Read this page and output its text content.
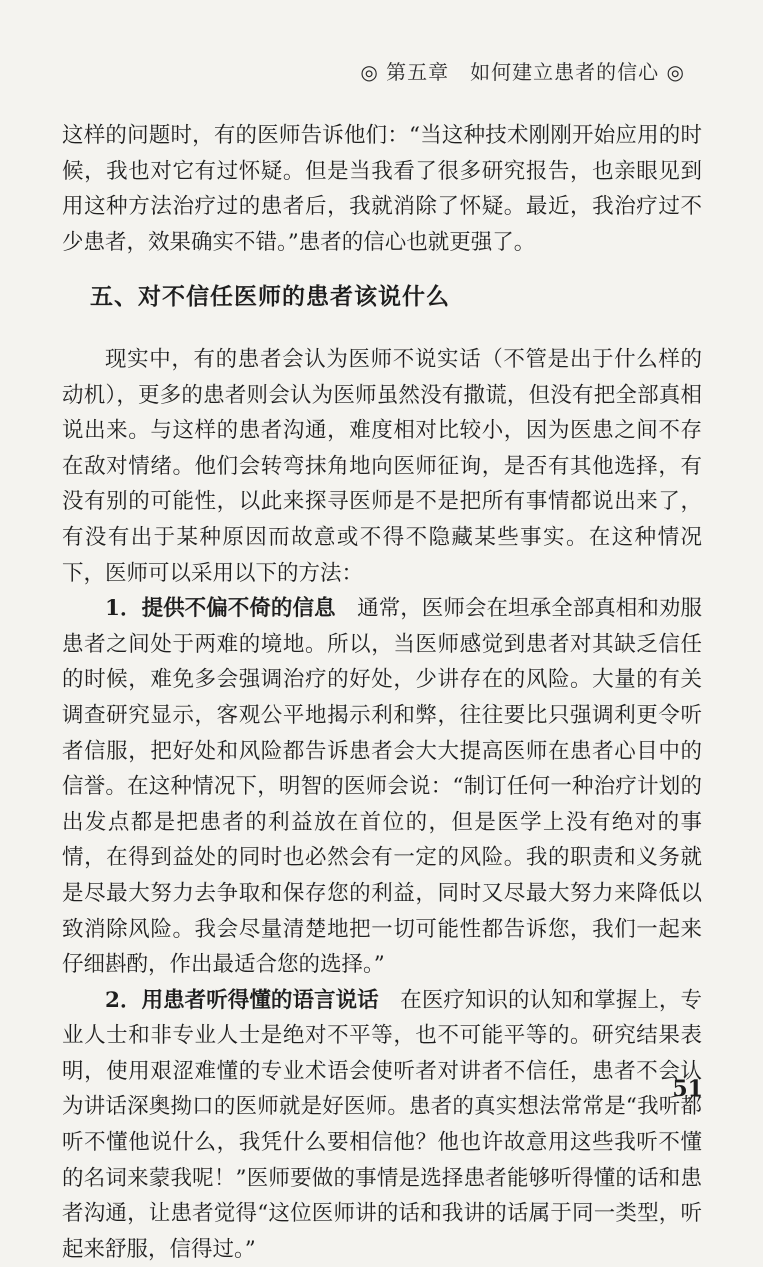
◎ 第五章　如何建立患者的信心 ◎

这样的问题时，有的医师告诉他们：“当这种技术刚刚开始应用的时候，我也对它有过怀疑。但是当我看了很多研究报告，也亲眼见到用这种方法治疗过的患者后，我就消除了怀疑。最近，我治疗过不少患者，效果确实不错。”患者的信心也就更强了。

五、对不信任医师的患者该说什么

现实中，有的患者会认为医师不说实话（不管是出于什么样的动机），更多的患者则会认为医师虽然没有撒谎，但没有把全部真相说出来。与这样的患者沟通，难度相对比较小，因为医患之间不存在敌对情绪。他们会转弯抹角地向医师征询，是否有其他选择，有没有别的可能性，以此来探寻医师是不是把所有事情都说出来了，有没有出于某种原因而故意或不得不隐藏某些事实。在这种情况下，医师可以采用以下的方法：

1．提供不偏不倚的信息　通常，医师会在坦承全部真相和劝服患者之间处于两难的境地。所以，当医师感觉到患者对其缺乏信任的时候，难免多会强调治疗的好处，少讲存在的风险。大量的有关调查研究显示，客观公平地揭示利和弊，往往要比只强调利更令听者信服，把好处和风险都告诉患者会大大提高医师在患者心目中的信誉。在这种情况下，明智的医师会说：“制订任何一种治疗计划的出发点都是把患者的利益放在首位的，但是医学上没有绝对的事情，在得到益处的同时也必然会有一定的风险。我的职责和义务就是尽最大努力去争取和保存您的利益，同时又尽最大努力来降低以致消除风险。我会尽量清楚地把一切可能性都告诉您，我们一起来仔细斟酌，作出最适合您的选择。”

2．用患者听得懂的语言说话　在医疗知识的认知和掌握上，专业人士和非专业人士是绝对不平等，也不可能平等的。研究结果表明，使用艰涩难懂的专业术语会使听者对讲者不信任，患者不会认为讲话深奥拗口的医师就是好医师。患者的真实想法常常是“我听都听不懂他说什么，我凭什么要相信他？他也许故意用这些我听不懂的名词来蒙我呢！”医师要做的事情是选择患者能够听得懂的话和患者沟通，让患者觉得“这位医师讲的话和我讲的话属于同一类型，听起来舒服，信得过。”

51
